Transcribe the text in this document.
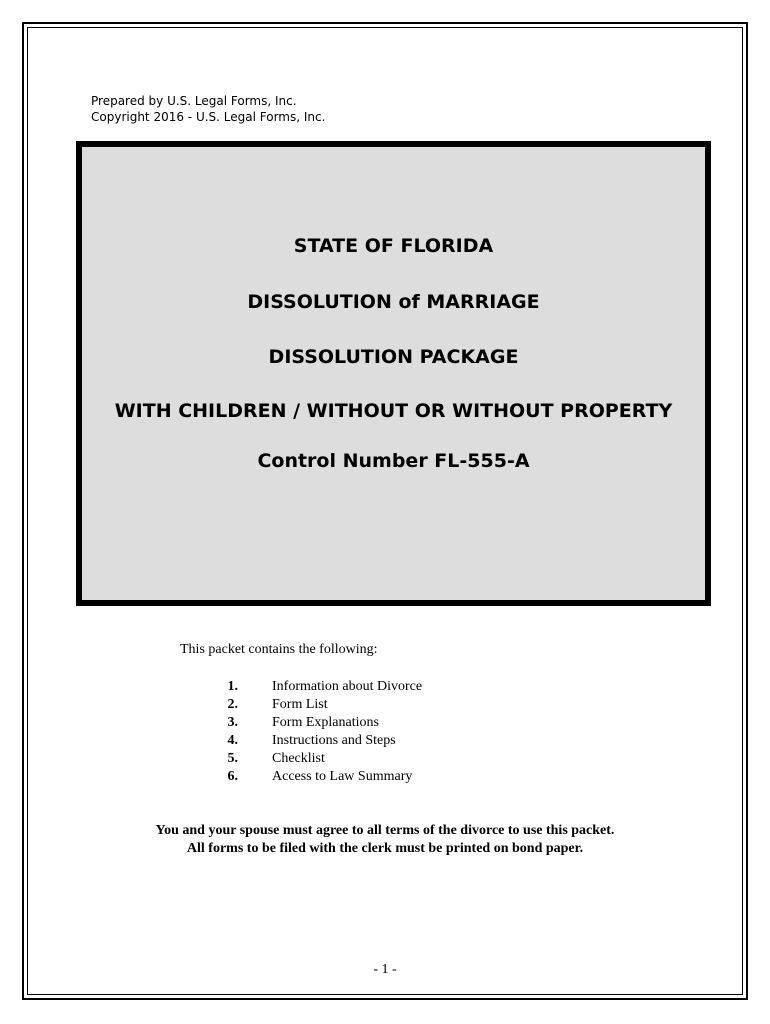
Prepared by U.S. Legal Forms, Inc.
Copyright 2016 - U.S. Legal Forms, Inc.
STATE OF FLORIDA
DISSOLUTION of MARRIAGE
DISSOLUTION PACKAGE
WITH CHILDREN / WITHOUT OR WITHOUT PROPERTY
Control Number FL-555-A
This packet contains the following:
1. Information about Divorce
2. Form List
3. Form Explanations
4. Instructions and Steps
5. Checklist
6. Access to Law Summary
You and your spouse must agree to all terms of the divorce to use this packet.
All forms to be filed with the clerk must be printed on bond paper.
- 1 -
